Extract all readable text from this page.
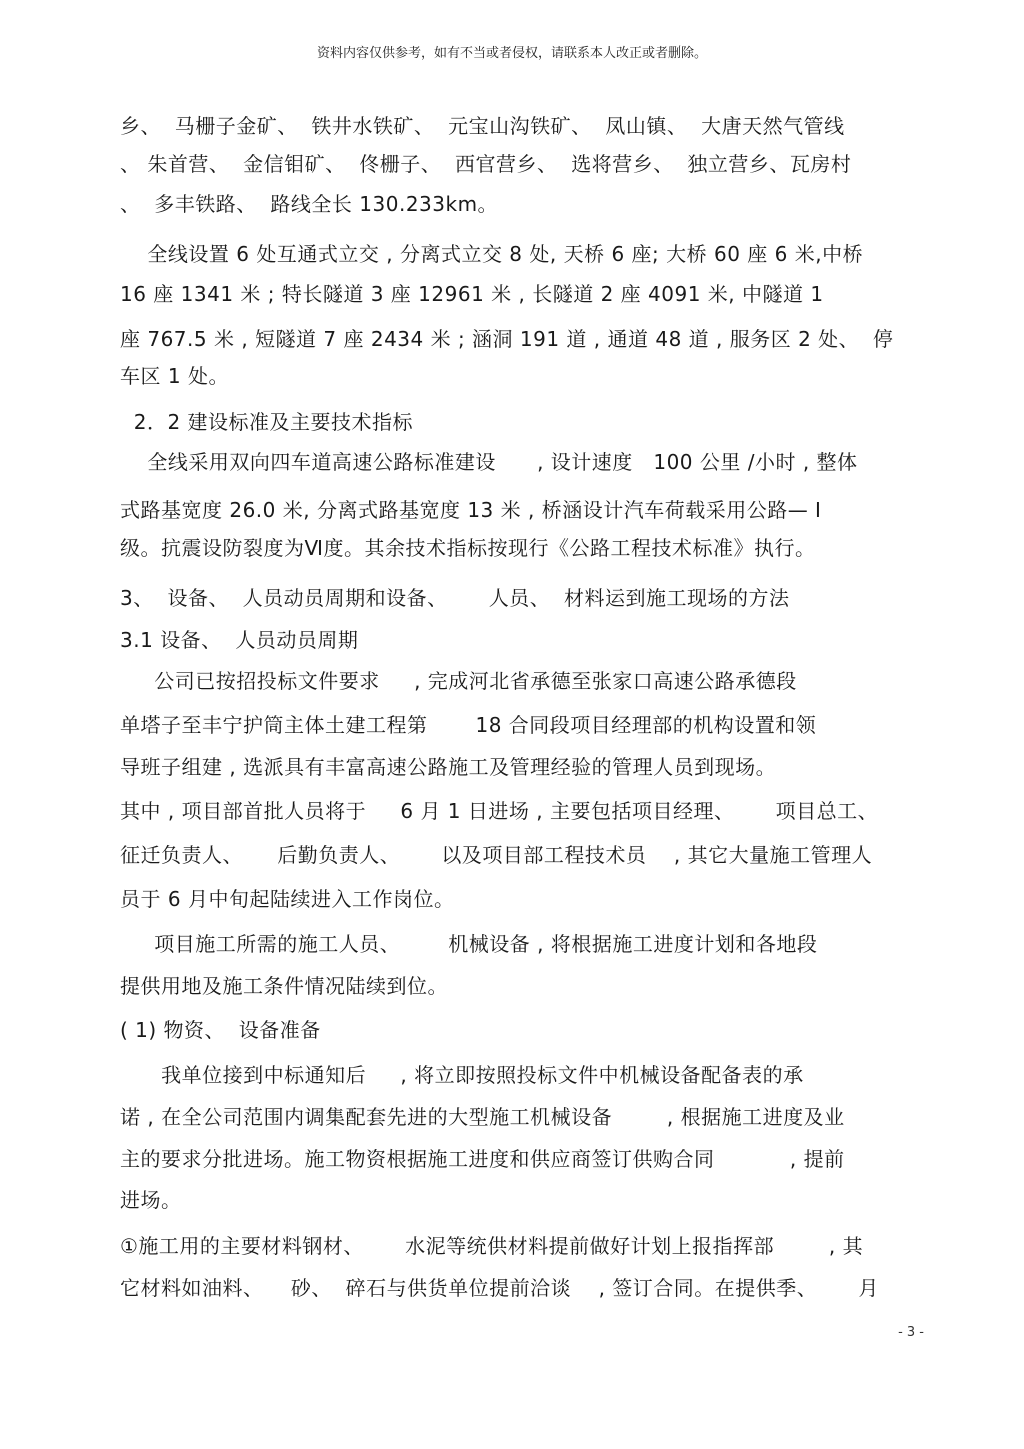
资料内容仅供参考，如有不当或者侵权，请联系本人改正或者删除。
乡、  马栅子金矿、  铁井水铁矿、  元宝山沟铁矿、  凤山镇、  大唐天然气管线
、 朱首营、  金信钼矿、  佟栅子、  西官营乡、  选将营乡、  独立营乡、瓦房村
、  多丰铁路、  路线全长 130.233km。
全线设置 6 处互通式立交 , 分离式立交 8 处, 天桥 6 座; 大桥 60 座 6 米,中桥
16 座 1341 米 ; 特长隧道 3 座 12961 米 , 长隧道 2 座 4091 米, 中隧道 1
座 767.5 米 , 短隧道 7 座 2434 米 ; 涵洞 191 道 , 通道 48 道 , 服务区 2 处、  停
车区 1 处。
2．2 建设标准及主要技术指标
全线采用双向四车道高速公路标准建设      , 设计速度   100 公里 /小时 , 整体
式路基宽度 26.0 米, 分离式路基宽度 13 米 , 桥涵设计汽车荷载采用公路— Ⅰ
级。抗震设防裂度为Ⅵ度。其余技术指标按现行《公路工程技术标准》执行。
3、  设备、  人员动员周期和设备、      人员、  材料运到施工现场的方法
3.1 设备、  人员动员周期
公司已按招投标文件要求     , 完成河北省承德至张家口高速公路承德段
单塔子至丰宁护筒主体土建工程第       18 合同段项目经理部的机构设置和领
导班子组建 , 选派具有丰富高速公路施工及管理经验的管理人员到现场。
其中 , 项目部首批人员将于     6 月 1 日进场 , 主要包括项目经理、      项目总工、
征迁负责人、     后勤负责人、      以及项目部工程技术员    , 其它大量施工管理人
员于 6 月中旬起陆续进入工作岗位。
项目施工所需的施工人员、       机械设备 , 将根据施工进度计划和各地段
提供用地及施工条件情况陆续到位。
( 1) 物资、  设备准备
我单位接到中标通知后     , 将立即按照投标文件中机械设备配备表的承
诺 , 在全公司范围内调集配套先进的大型施工机械设备        , 根据施工进度及业
主的要求分批进场。施工物资根据施工进度和供应商签订供购合同           , 提前
进场。
①施工用的主要材料钢材、      水泥等统供材料提前做好计划上报指挥部        , 其
它材料如油料、    砂、  碎石与供货单位提前洽谈    , 签订合同。在提供季、      月
- 3 -
